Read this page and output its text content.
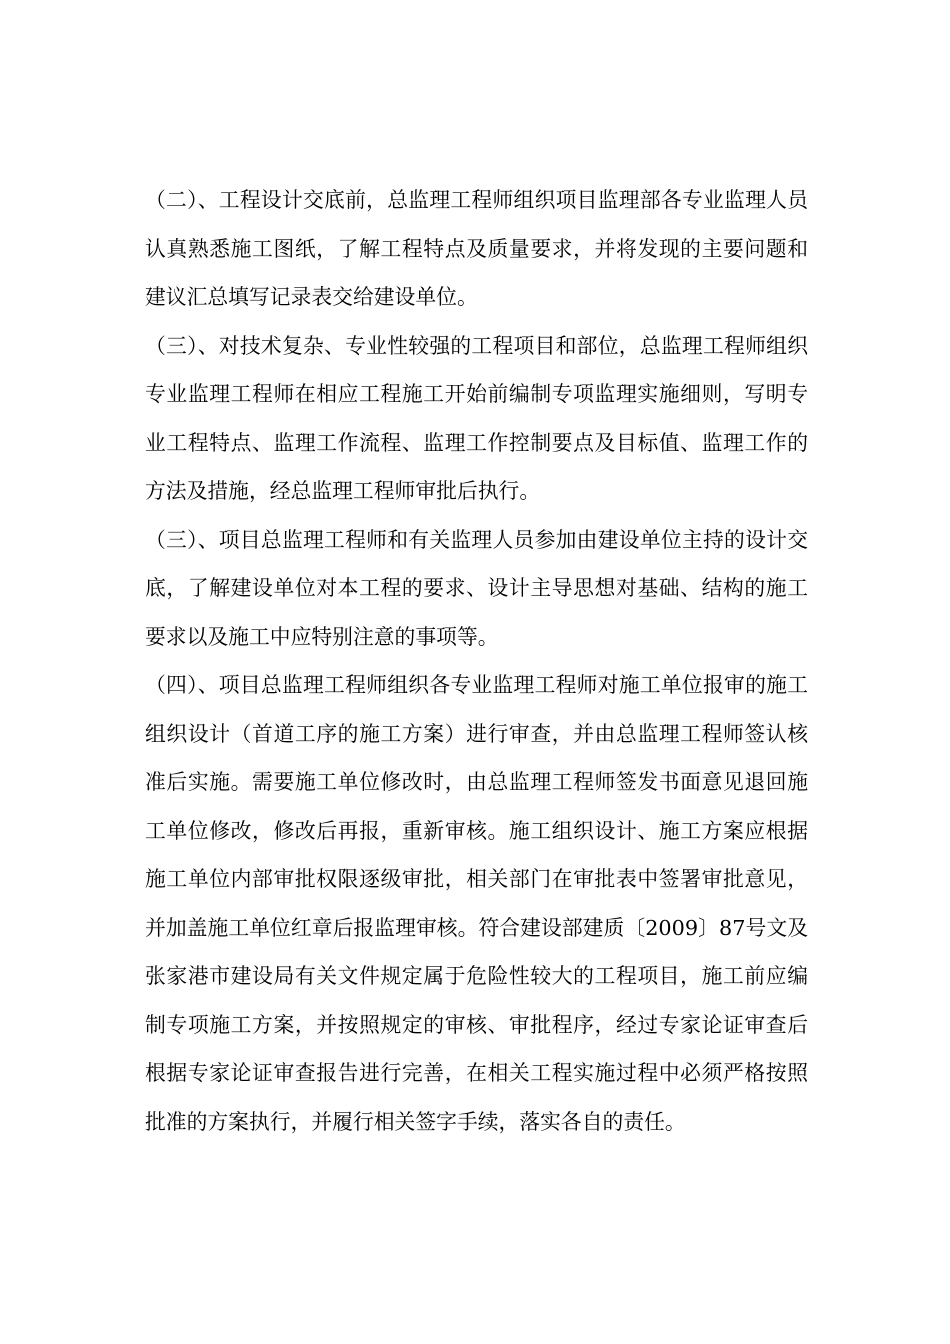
（二）、工程设计交底前，总监理工程师组织项目监理部各专业监理人员认真熟悉施工图纸，了解工程特点及质量要求，并将发现的主要问题和建议汇总填写记录表交给建设单位。

（三）、对技术复杂、专业性较强的工程项目和部位，总监理工程师组织专业监理工程师在相应工程施工开始前编制专项监理实施细则，写明专业工程特点、监理工作流程、监理工作控制要点及目标值、监理工作的方法及措施，经总监理工程师审批后执行。

（三）、项目总监理工程师和有关监理人员参加由建设单位主持的设计交底，了解建设单位对本工程的要求、设计主导思想对基础、结构的施工要求以及施工中应特别注意的事项等。

（四）、项目总监理工程师组织各专业监理工程师对施工单位报审的施工组织设计（首道工序的施工方案）进行审查，并由总监理工程师签认核准后实施。需要施工单位修改时，由总监理工程师签发书面意见退回施工单位修改，修改后再报，重新审核。施工组织设计、施工方案应根据施工单位内部审批权限逐级审批，相关部门在审批表中签署审批意见，并加盖施工单位红章后报监理审核。符合建设部建质〔2009〕87号文及张家港市建设局有关文件规定属于危险性较大的工程项目，施工前应编制专项施工方案，并按照规定的审核、审批程序，经过专家论证审查后根据专家论证审查报告进行完善，在相关工程实施过程中必须严格按照批准的方案执行，并履行相关签字手续，落实各自的责任。
